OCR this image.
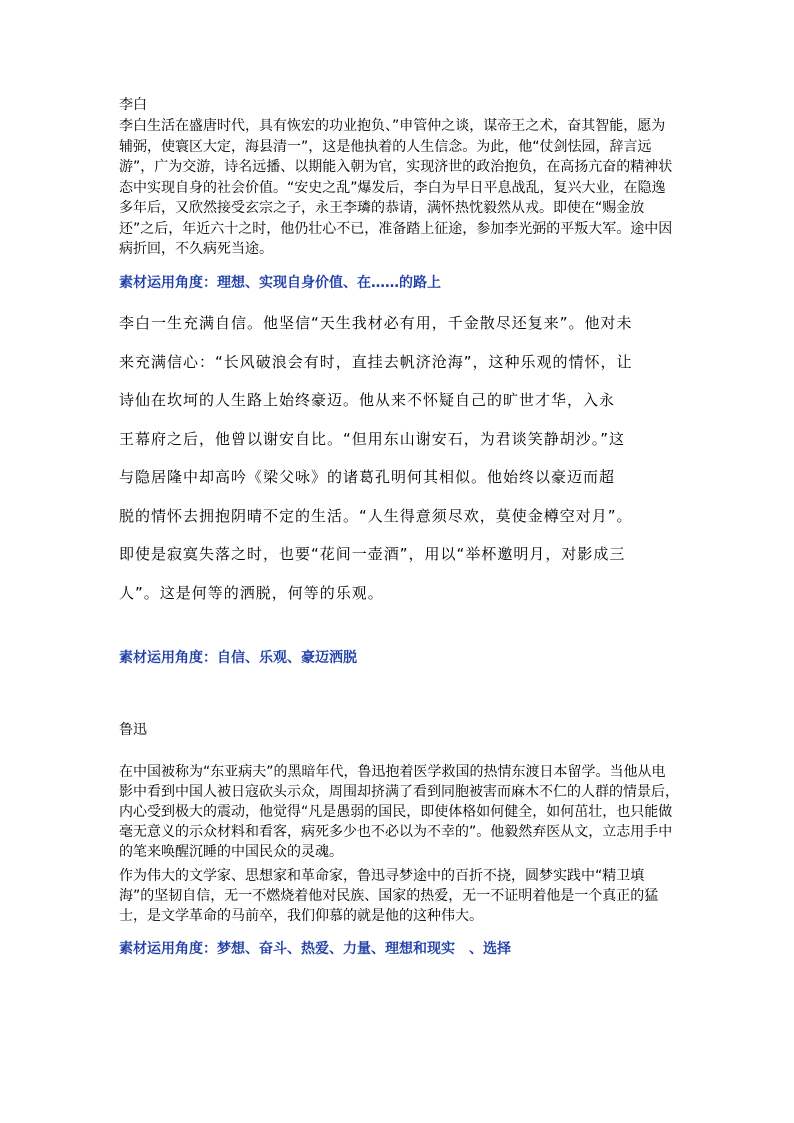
李白
李白生活在盛唐时代，具有恢宏的功业抱负、”申管仲之谈，谋帝王之术，奋其智能，愿为辅弼，使寰区大定，海县清一”，这是他执着的人生信念。为此，他“仗剑怯园，辞言远游”，广为交游，诗名远播、以期能入朝为官，实现济世的政治抱负，在高扬亢奋的精神状态中实现自身的社会价值。“安史之乱”爆发后，李白为早日平息战乱，复兴大业，在隐逸多年后，又欣然接受玄宗之子，永王李璘的恭请，满怀热忱毅然从戎。即使在“赐金放还”之后，年近六十之时，他仍壮心不已，准备踏上征途，参加李光弼的平叛大军。途中因病折回，不久病死当途。
素材运用角度：理想、实现自身价值、在……的路上
李白一生充满自信。他坚信“天生我材必有用，千金散尽还复来”。他对未
来充满信心：“长风破浪会有时，直挂去帆济沧海”，这种乐观的情怀，让
诗仙在坎坷的人生路上始终豪迈。他从来不怀疑自己的旷世才华，入永
王幕府之后，他曾以谢安自比。“但用东山谢安石，为君谈笑静胡沙。”这
与隐居隆中却高吟《梁父咏》的诸葛孔明何其相似。他始终以豪迈而超
脱的情怀去拥抱阴晴不定的生活。“人生得意须尽欢，莫使金樽空对月”。
即使是寂寞失落之时，也要“花间一壶酒”，用以“举杯邀明月，对影成三
人”。这是何等的洒脱，何等的乐观。
素材运用角度：自信、乐观、豪迈洒脱
鲁迅
在中国被称为“东亚病夫”的黑暗年代，鲁迅抱着医学救国的热情东渡日本留学。当他从电影中看到中国人被日寇砍头示众，周围却挤满了看到同胞被害而麻木不仁的人群的情景后，内心受到极大的震动，他觉得“凡是愚弱的国民，即使体格如何健全，如何茁壮，也只能做毫无意义的示众材料和看客，病死多少也不必以为不幸的”。他毅然弃医从文，立志用手中的笔来唤醒沉睡的中国民众的灵魂。
作为伟大的文学家、思想家和革命家，鲁迅寻梦途中的百折不挠，圆梦实践中“精卫填海”的坚韧自信，无一不燃烧着他对民族、国家的热爱，无一不证明着他是一个真正的猛士，是文学革命的马前卒，我们仰慕的就是他的这种伟大。
素材运用角度：梦想、奋斗、热爱、力量、理想和现实　、选择
